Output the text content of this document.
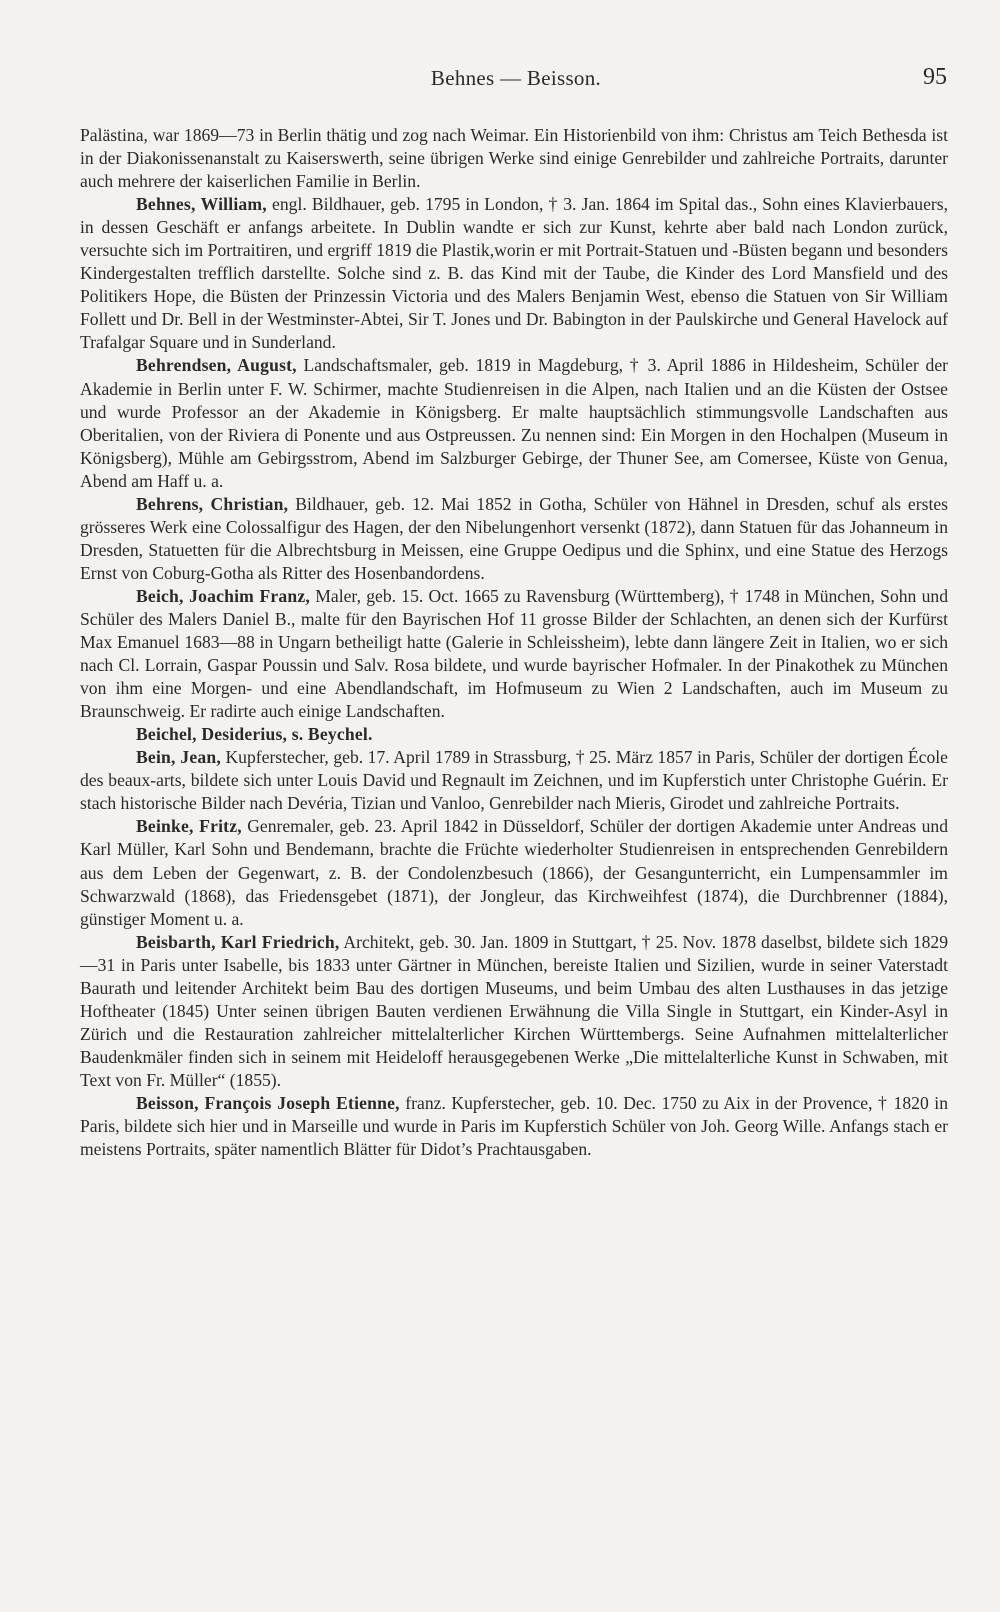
Behnes — Beisson.	95

Palästina, war 1869—73 in Berlin thätig und zog nach Weimar. Ein Historienbild von ihm: Christus am Teich Bethesda ist in der Diakonissenanstalt zu Kaiserswerth, seine übrigen Werke sind einige Genrebilder und zahlreiche Portraits, darunter auch mehrere der kaiserlichen Familie in Berlin.

Behnes, William, engl. Bildhauer, geb. 1795 in London, † 3. Jan. 1864 im Spital das., Sohn eines Klavierbauers, in dessen Geschäft er anfangs arbeitete. In Dublin wandte er sich zur Kunst, kehrte aber bald nach London zurück, versuchte sich im Portraitiren, und ergriff 1819 die Plastik,worin er mit Portrait-Statuen und -Büsten begann und besonders Kindergestalten trefflich darstellte. Solche sind z. B. das Kind mit der Taube, die Kinder des Lord Mansfield und des Politikers Hope, die Büsten der Prinzessin Victoria und des Malers Benjamin West, ebenso die Statuen von Sir William Follett und Dr. Bell in der Westminster-Abtei, Sir T. Jones und Dr. Babington in der Paulskirche und General Havelock auf Trafalgar Square und in Sunderland.

Behrendsen, August, Landschaftsmaler, geb. 1819 in Magdeburg, † 3. April 1886 in Hildesheim, Schüler der Akademie in Berlin unter F. W. Schirmer, machte Studienreisen in die Alpen, nach Italien und an die Küsten der Ostsee und wurde Professor an der Akademie in Königsberg. Er malte hauptsächlich stimmungsvolle Landschaften aus Oberitalien, von der Riviera di Ponente und aus Ostpreussen. Zu nennen sind: Ein Morgen in den Hochalpen (Museum in Königsberg), Mühle am Gebirgsstrom, Abend im Salzburger Gebirge, der Thuner See, am Comersee, Küste von Genua, Abend am Haff u. a.

Behrens, Christian, Bildhauer, geb. 12. Mai 1852 in Gotha, Schüler von Hähnel in Dresden, schuf als erstes grösseres Werk eine Colossalfigur des Hagen, der den Nibelungenhort versenkt (1872), dann Statuen für das Johanneum in Dresden, Statuetten für die Albrechtsburg in Meissen, eine Gruppe Oedipus und die Sphinx, und eine Statue des Herzogs Ernst von Coburg-Gotha als Ritter des Hosenbandordens.

Beich, Joachim Franz, Maler, geb. 15. Oct. 1665 zu Ravensburg (Württemberg), † 1748 in München, Sohn und Schüler des Malers Daniel B., malte für den Bayrischen Hof 11 grosse Bilder der Schlachten, an denen sich der Kurfürst Max Emanuel 1683—88 in Ungarn betheiligt hatte (Galerie in Schleissheim), lebte dann längere Zeit in Italien, wo er sich nach Cl. Lorrain, Gaspar Poussin und Salv. Rosa bildete, und wurde bayrischer Hofmaler. In der Pinakothek zu München von ihm eine Morgen- und eine Abendlandschaft, im Hofmuseum zu Wien 2 Landschaften, auch im Museum zu Braunschweig. Er radirte auch einige Landschaften.

Beichel, Desiderius, s. Beychel.

Bein, Jean, Kupferstecher, geb. 17. April 1789 in Strassburg, † 25. März 1857 in Paris, Schüler der dortigen École des beaux-arts, bildete sich unter Louis David und Regnault im Zeichnen, und im Kupferstich unter Christophe Guérin. Er stach historische Bilder nach Devéria, Tizian und Vanloo, Genrebilder nach Mieris, Girodet und zahlreiche Portraits.

Beinke, Fritz, Genremaler, geb. 23. April 1842 in Düsseldorf, Schüler der dortigen Akademie unter Andreas und Karl Müller, Karl Sohn und Bendemann, brachte die Früchte wiederholter Studienreisen in entsprechenden Genrebildern aus dem Leben der Gegenwart, z. B. der Condolenzbesuch (1866), der Gesangunterricht, ein Lumpensammler im Schwarzwald (1868), das Friedensgebet (1871), der Jongleur, das Kirchweihfest (1874), die Durchbrenner (1884), günstiger Moment u. a.

Beisbarth, Karl Friedrich, Architekt, geb. 30. Jan. 1809 in Stuttgart, † 25. Nov. 1878 daselbst, bildete sich 1829—31 in Paris unter Isabelle, bis 1833 unter Gärtner in München, bereiste Italien und Sizilien, wurde in seiner Vaterstadt Baurath und leitender Architekt beim Bau des dortigen Museums, und beim Umbau des alten Lusthauses in das jetzige Hoftheater (1845) Unter seinen übrigen Bauten verdienen Erwähnung die Villa Single in Stuttgart, ein Kinder-Asyl in Zürich und die Restauration zahlreicher mittelalterlicher Kirchen Württembergs. Seine Aufnahmen mittelalterlicher Baudenkmäler finden sich in seinem mit Heideloff herausgegebenen Werke „Die mittelalterliche Kunst in Schwaben, mit Text von Fr. Müller“ (1855).

Beisson, François Joseph Etienne, franz. Kupferstecher, geb. 10. Dec. 1750 zu Aix in der Provence, † 1820 in Paris, bildete sich hier und in Marseille und wurde in Paris im Kupferstich Schüler von Joh. Georg Wille. Anfangs stach er meistens Portraits, später namentlich Blätter für Didot’s Prachtausgaben.
